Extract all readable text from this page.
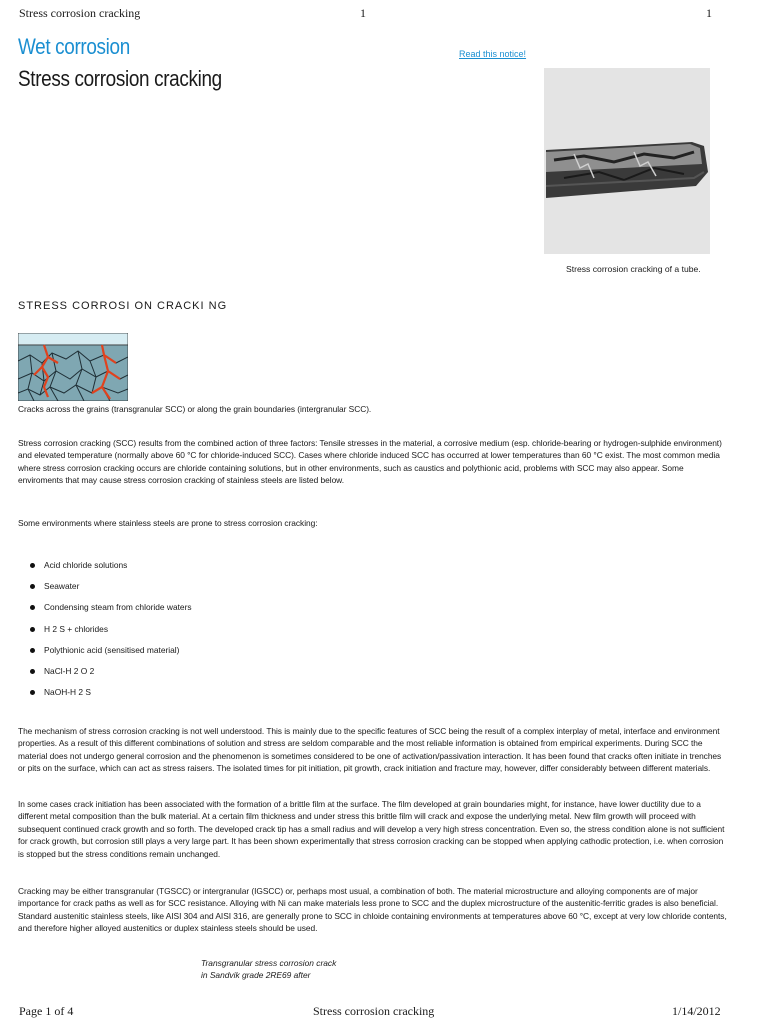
Stress corrosion cracking	1	1
Wet corrosion
Stress corrosion cracking
Read this notice!
Stress corrosion cracking of a tube.
STRESS CORROSI ON CRACKI NG
Cracks across the grains (transgranular SCC) or along the grain boundaries (intergranular SCC).
Stress corrosion cracking (SCC) results from the combined action of three factors: Tensile stresses in the material, a corrosive medium (esp. chloride-bearing or hydrogen-sulphide environment) and elevated temperature (normally above 60 °C for chloride-induced SCC). Cases where chloride induced SCC has occurred at lower temperatures than 60 °C exist. The most common media where stress corrosion cracking occurs are chloride containing solutions, but in other environments, such as caustics and polythionic acid, problems with SCC may also appear. Some enviroments that may cause stress corrosion cracking of stainless steels are listed below.
Some environments where stainless steels are prone to stress corrosion cracking:
Acid chloride solutions
Seawater
Condensing steam from chloride waters
H 2 S + chlorides
Polythionic acid (sensitised material)
NaCl-H 2 O 2
NaOH-H 2 S
The mechanism of stress corrosion cracking is not well understood. This is mainly due to the specific features of SCC being the result of a complex interplay of metal, interface and environment properties. As a result of this different combinations of solution and stress are seldom comparable and the most reliable information is obtained from empirical experiments. During SCC the material does not undergo general corrosion and the phenomenon is sometimes considered to be one of activation/passivation interaction. It has been found that cracks often initiate in trenches or pits on the surface, which can act as stress raisers. The isolated times for pit initiation, pit growth, crack initiation and fracture may, however, differ considerably between different materials.
In some cases crack initiation has been associated with the formation of a brittle film at the surface. The film developed at grain boundaries might, for instance, have lower ductility due to a different metal composition than the bulk material. At a certain film thickness and under stress this brittle film will crack and expose the underlying metal. New film growth will proceed with subsequent continued crack growth and so forth. The developed crack tip has a small radius and will develop a very high stress concentration. Even so, the stress condition alone is not sufficient for crack growth, but corrosion still plays a very large part. It has been shown experimentally that stress corrosion cracking can be stopped when applying cathodic protection, i.e. when corrosion is stopped but the stress conditions remain unchanged.
Cracking may be either transgranular (TGSCC) or intergranular (IGSCC) or, perhaps most usual, a combination of both. The material microstructure and alloying components are of major importance for crack paths as well as for SCC resistance. Alloying with Ni can make materials less prone to SCC and the duplex microstructure of the austenitic-ferritic grades is also beneficial. Standard austenitic stainless steels, like AISI 304 and AISI 316, are generally prone to SCC in chloide containing environments at temperatures above 60 °C, except at very low chloride contents, and therefore higher alloyed austenitics or duplex stainless steels should be used.
Transgranular stress corrosion crack
in Sandvik grade 2RE69 after
Page 1 of 4	Stress corrosion cracking	1/14/2012
